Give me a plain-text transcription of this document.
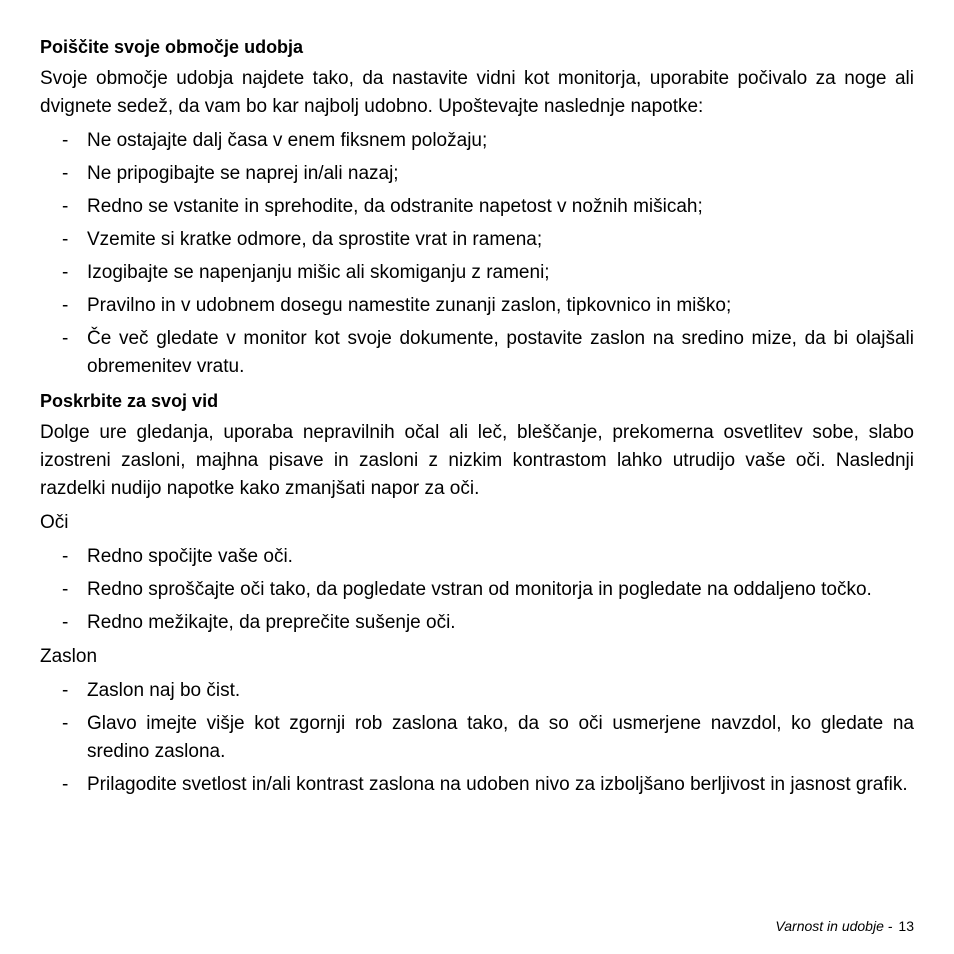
Poiščite svoje območje udobja

Svoje območje udobja najdete tako, da nastavite vidni kot monitorja, uporabite počivalo za noge ali dvignete sedež, da vam bo kar najbolj udobno. Upoštevajte naslednje napotke:

- Ne ostajajte dalj časa v enem fiksnem položaju;
- Ne pripogibajte se naprej in/ali nazaj;
- Redno se vstanite in sprehodite, da odstranite napetost v nožnih mišicah;
- Vzemite si kratke odmore, da sprostite vrat in ramena;
- Izogibajte se napenjanju mišic ali skomiganju z rameni;
- Pravilno in v udobnem dosegu namestite zunanji zaslon, tipkovnico in miško;
- Če več gledate v monitor kot svoje dokumente, postavite zaslon na sredino mize, da bi olajšali obremenitev vratu.
Poskrbite za svoj vid

Dolge ure gledanja, uporaba nepravilnih očal ali leč, bleščanje, prekomerna osvetlitev sobe, slabo izostreni zasloni, majhna pisave in zasloni z nizkim kontrastom lahko utrudijo vaše oči. Naslednji razdelki nudijo napotke kako zmanjšati napor za oči.

Oči

- Redno spočijte vaše oči.
- Redno sproščajte oči tako, da pogledate vstran od monitorja in pogledate na oddaljeno točko.
- Redno mežikajte, da preprečite sušenje oči.

Zaslon

- Zaslon naj bo čist.
- Glavo imejte višje kot zgornji rob zaslona tako, da so oči usmerjene navzdol, ko gledate na sredino zaslona.
- Prilagodite svetlost in/ali kontrast zaslona na udoben nivo za izboljšano berljivost in jasnost grafik.
Varnost in udobje - 13
